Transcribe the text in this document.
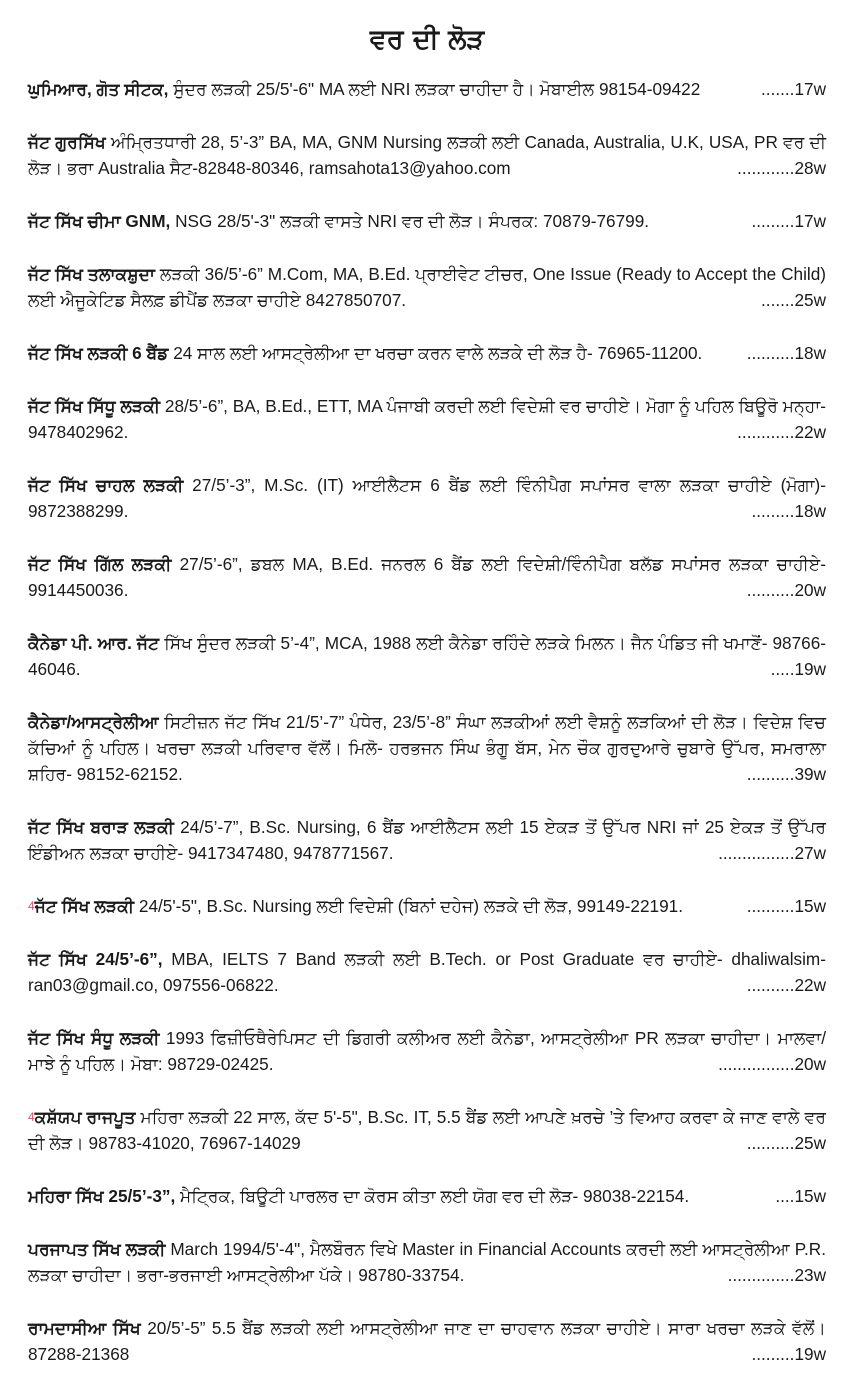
ਵਰ ਦੀ ਲੋੜ
ਘੁਮਿਆਰ, ਗੋਤ ਸੀਟਕ, ਸੁੰਦਰ ਲੜਕੀ 25/5'-6" MA ਲਈ NRI ਲੜਕਾ ਚਾਹੀਦਾ ਹੈ। ਮੋਬਾਈਲ 98154-09422	.......17w
ਜੱਟ ਗੁਰਸਿੱਖ ਅੰਮ੍ਰਿਤਧਾਰੀ 28, 5’-3” BA, MA, GNM Nursing ਲੜਕੀ ਲਈ Canada, Australia, U.K, USA, PR ਵਰ ਦੀ ਲੋੜ। ਭਰਾ Australia ਸੈਟ-82848-80346, ramsahota13@yahoo.com	............28w
ਜੱਟ ਸਿੱਖ ਚੀਮਾ GNM, NSG 28/5'-3" ਲੜਕੀ ਵਾਸਤੇ NRI ਵਰ ਦੀ ਲੋੜ। ਸੰਪਰਕ: 70879-76799.	.........17w
ਜੱਟ ਸਿੱਖ ਤਲਾਕਸ਼ੁਦਾ ਲੜਕੀ 36/5’-6” M.Com, MA, B.Ed. ਪ੍ਰਾਈਵੇਟ ਟੀਚਰ, One Issue (Ready to Accept the Child) ਲਈ ਐਜੂਕੇਟਿਡ ਸੈਲਫ਼ ਡੀਪੈਂਡ ਲੜਕਾ ਚਾਹੀਏ 8427850707.	.......25w
ਜੱਟ ਸਿੱਖ ਲੜਕੀ 6 ਬੈਂਡ 24 ਸਾਲ ਲਈ ਆਸਟ੍ਰੇਲੀਆ ਦਾ ਖਰਚਾ ਕਰਨ ਵਾਲੇ ਲੜਕੇ ਦੀ ਲੋੜ ਹੈ- 76965-11200.	..........18w
ਜੱਟ ਸਿੱਖ ਸਿੱਧੂ ਲੜਕੀ 28/5’-6”, BA, B.Ed., ETT, MA ਪੰਜਾਬੀ ਕਰਦੀ ਲਈ ਵਿਦੇਸ਼ੀ ਵਰ ਚਾਹੀਏ। ਮੋਗਾ ਨੂੰ ਪਹਿਲ ਬਿਊਰੋ ਮਨ੍ਹਾ- 9478402962.	............22w
ਜੱਟ ਸਿੱਖ ਚਾਹਲ ਲੜਕੀ 27/5’-3”, M.Sc. (IT) ਆਈਲੈਟਸ 6 ਬੈਂਡ ਲਈ ਵਿੰਨੀਪੈਗ ਸਪਾਂਸਰ ਵਾਲਾ ਲੜਕਾ ਚਾਹੀਏ (ਮੋਗਾ)- 9872388299.	.........18w
ਜੱਟ ਸਿੱਖ ਗਿੱਲ ਲੜਕੀ 27/5’-6”, ਡਬਲ MA, B.Ed. ਜਨਰਲ 6 ਬੈਂਡ ਲਈ ਵਿਦੇਸ਼ੀ/ਵਿੰਨੀਪੈਗ ਬਲੱਡ ਸਪਾਂਸਰ ਲੜਕਾ ਚਾਹੀਏ- 9914450036.	..........20w
ਕੈਨੇਡਾ ਪੀ. ਆਰ. ਜੱਟ ਸਿੱਖ ਸੁੰਦਰ ਲੜਕੀ 5’-4”, MCA, 1988 ਲਈ ਕੈਨੇਡਾ ਰਹਿੰਦੇ ਲੜਕੇ ਮਿਲਨ। ਜੈਨ ਪੰਡਿਤ ਜੀ ਖਮਾਣੋਂ- 98766-46046.	.....19w
ਕੈਨੇਡਾ/ਆਸਟ੍ਰੇਲੀਆ ਸਿਟੀਜ਼ਨ ਜੱਟ ਸਿੱਖ 21/5’-7” ਪੰਧੇਰ, 23/5’-8” ਸੰਘਾ ਲੜਕੀਆਂ ਲਈ ਵੈਸ਼ਨੂੰ ਲੜਕਿਆਂ ਦੀ ਲੋੜ। ਵਿਦੇਸ਼ ਵਿਚ ਕੱਚਿਆਂ ਨੂੰ ਪਹਿਲ। ਖਰਚਾ ਲੜਕੀ ਪਰਿਵਾਰ ਵੱਲੋਂ। ਮਿਲੋ- ਹਰਭਜਨ ਸਿੰਘ ਭੰਗੂ ਬੱਸ, ਮੇਨ ਚੌਕ ਗੁਰਦੁਆਰੇ ਚੁਬਾਰੇ ਉੱਪਰ, ਸਮਰਾਲਾ ਸ਼ਹਿਰ- 98152-62152.	..........39w
ਜੱਟ ਸਿੱਖ ਬਰਾੜ ਲੜਕੀ 24/5’-7”, B.Sc. Nursing, 6 ਬੈਂਡ ਆਈਲੈਟਸ ਲਈ 15 ਏਕੜ ਤੋਂ ਉੱਪਰ NRI ਜਾਂ 25 ਏਕੜ ਤੋਂ ਉੱਪਰ ਇੰਡੀਅਨ ਲੜਕਾ ਚਾਹੀਏ- 9417347480, 9478771567.	................27w
4ਜੱਟ ਸਿੱਖ ਲੜਕੀ 24/5'-5", B.Sc. Nursing ਲਈ ਵਿਦੇਸ਼ੀ (ਬਿਨਾਂ ਦਹੇਜ) ਲੜਕੇ ਦੀ ਲੋੜ, 99149-22191.	..........15w
ਜੱਟ ਸਿੱਖ 24/5’-6”, MBA, IELTS 7 Band ਲੜਕੀ ਲਈ B.Tech. or Post Graduate ਵਰ ਚਾਹੀਏ- dhaliwalsim-ran03@gmail.co, 097556-06822.	..........22w
ਜੱਟ ਸਿੱਖ ਸੰਧੂ ਲੜਕੀ 1993 ਫਿਜ਼ੀਓਥੈਰੇਪਿਸਟ ਦੀ ਡਿਗਰੀ ਕਲੀਅਰ ਲਈ ਕੈਨੇਡਾ, ਆਸਟ੍ਰੇਲੀਆ PR ਲੜਕਾ ਚਾਹੀਦਾ। ਮਾਲਵਾ/ਮਾਝੇ ਨੂੰ ਪਹਿਲ। ਮੋਬਾ: 98729-02425.	................20w
4ਕਸ਼ੱਯਪ ਰਾਜਪੂਤ ਮਹਿਰਾ ਲੜਕੀ 22 ਸਾਲ, ਕੱਦ 5'-5", B.Sc. IT, 5.5 ਬੈਂਡ ਲਈ ਆਪਣੇ ਖ਼ਰਚੇ ’ਤੇ ਵਿਆਹ ਕਰਵਾ ਕੇ ਜਾਣ ਵਾਲੇ ਵਰ ਦੀ ਲੋੜ। 98783-41020, 76967-14029	..........25w
ਮਹਿਰਾ ਸਿੱਖ 25/5’-3”, ਮੈਟ੍ਰਿਕ, ਬਿਊਟੀ ਪਾਰਲਰ ਦਾ ਕੋਰਸ ਕੀਤਾ ਲਈ ਯੋਗ ਵਰ ਦੀ ਲੋੜ- 98038-22154.	....15w
ਪਰਜਾਪਤ ਸਿੱਖ ਲੜਕੀ March 1994/5'-4", ਮੈਲਬੌਰਨ ਵਿਖੇ Master in Financial Accounts ਕਰਦੀ ਲਈ ਆਸਟ੍ਰੇਲੀਆ P.R. ਲੜਕਾ ਚਾਹੀਦਾ। ਭਰਾ-ਭਰਜਾਈ ਆਸਟ੍ਰੇਲੀਆ ਪੱਕੇ। 98780-33754.	..............23w
ਰਾਮਦਾਸੀਆ ਸਿੱਖ 20/5’-5” 5.5 ਬੈਂਡ ਲੜਕੀ ਲਈ ਆਸਟ੍ਰੇਲੀਆ ਜਾਣ ਦਾ ਚਾਹਵਾਨ ਲੜਕਾ ਚਾਹੀਏ। ਸਾਰਾ ਖਰਚਾ ਲੜਕੇ ਵੱਲੋਂ। 87288-21368	.........19w
